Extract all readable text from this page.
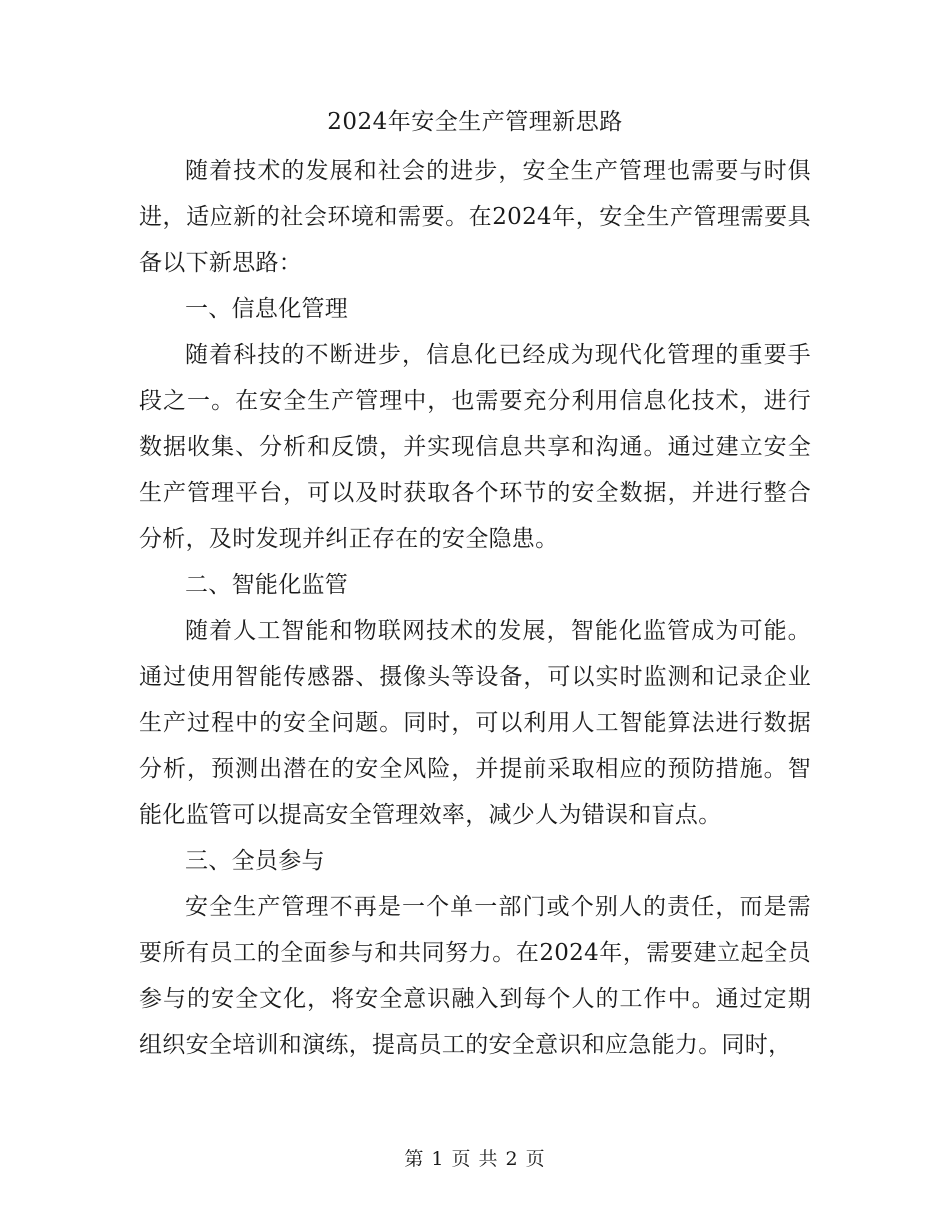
2024年安全生产管理新思路

随着技术的发展和社会的进步，安全生产管理也需要与时俱进，适应新的社会环境和需要。在2024年，安全生产管理需要具备以下新思路：

一、信息化管理

随着科技的不断进步，信息化已经成为现代化管理的重要手段之一。在安全生产管理中，也需要充分利用信息化技术，进行数据收集、分析和反馈，并实现信息共享和沟通。通过建立安全生产管理平台，可以及时获取各个环节的安全数据，并进行整合分析，及时发现并纠正存在的安全隐患。

二、智能化监管

随着人工智能和物联网技术的发展，智能化监管成为可能。通过使用智能传感器、摄像头等设备，可以实时监测和记录企业生产过程中的安全问题。同时，可以利用人工智能算法进行数据分析，预测出潜在的安全风险，并提前采取相应的预防措施。智能化监管可以提高安全管理效率，减少人为错误和盲点。

三、全员参与

安全生产管理不再是一个单一部门或个别人的责任，而是需要所有员工的全面参与和共同努力。在2024年，需要建立起全员参与的安全文化，将安全意识融入到每个人的工作中。通过定期组织安全培训和演练，提高员工的安全意识和应急能力。同时，

第 1 页 共 2 页
